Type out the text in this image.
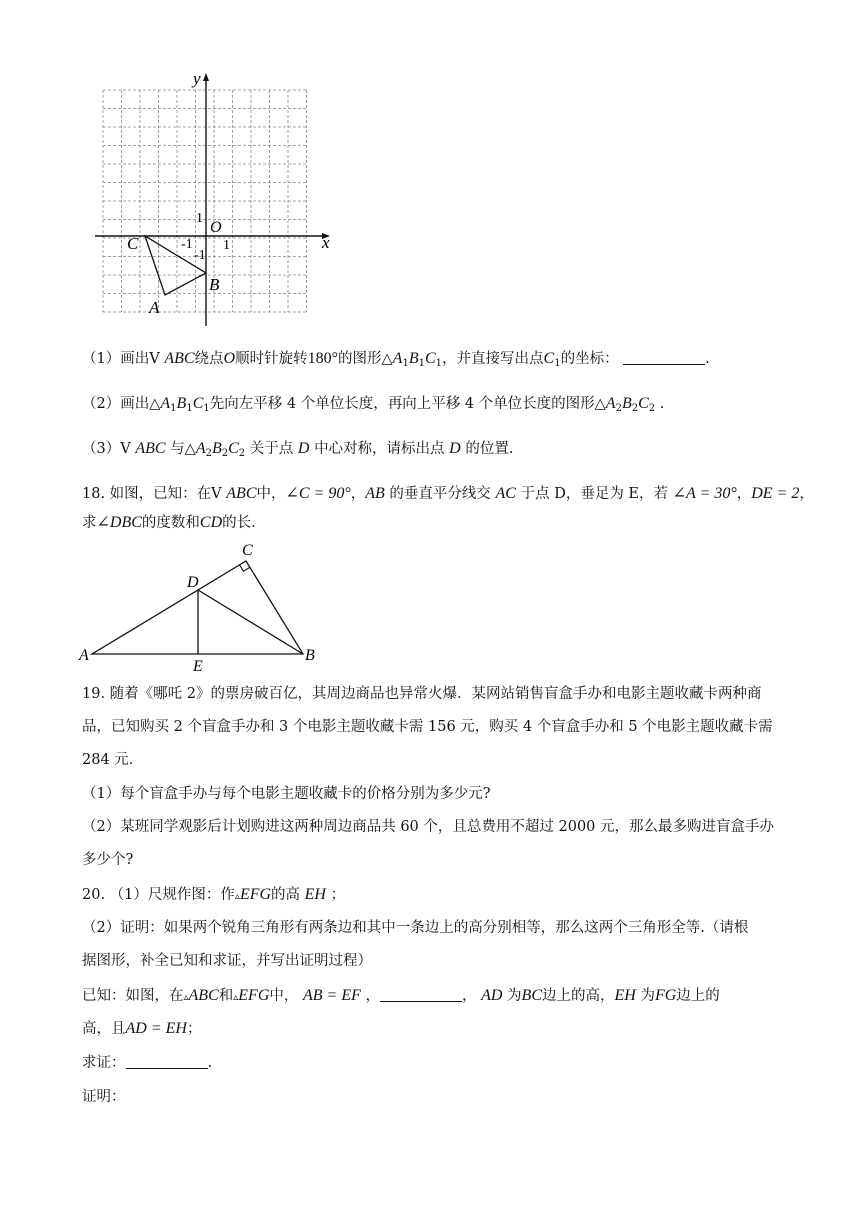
y
x
O
1
1
-1
-1
C
B
A
（1）画出V ABC绕点O顺时针旋转180°的图形$\triangle A_1B_1C_1$，并直接写出点$C_1$的坐标：	.
（2）画出$\triangle A_1B_1C_1$先向左平移 4 个单位长度，再向上平移 4 个单位长度的图形$\triangle A_2B_2C_2$ .
（3）V ABC 与$\triangle A_2B_2C_2$ 关于点 D 中心对称，请标出点 D 的位置.
18. 如图，已知：在V ABC中，∠C = 90°，AB 的垂直平分线交 AC 于点 D，垂足为 E，若 ∠A = 30°，DE = 2，
求∠DBC的度数和CD的长.
A	B
C
D
E
19. 随着《哪吒 2》的票房破百亿，其周边商品也异常火爆．某网站销售盲盒手办和电影主题收藏卡两种商
品，已知购买 2 个盲盒手办和 3 个电影主题收藏卡需 156 元，购买 4 个盲盒手办和 5 个电影主题收藏卡需
284 元．
（1）每个盲盒手办与每个电影主题收藏卡的价格分别为多少元?
（2）某班同学观影后计划购进这两种周边商品共 60 个，且总费用不超过 2000 元，那么最多购进盲盒手办
多少个?
20. （1）尺规作图：作▵EFG的高 EH ；
（2）证明：如果两个锐角三角形有两条边和其中一条边上的高分别相等，那么这两个三角形全等.（请根
据图形，补全已知和求证，并写出证明过程）
已知：如图，在▵ABC和▵EFG中， AB = EF ，	， AD 为BC边上的高，EH 为FG边上的
高，且AD = EH；
求证：	.
证明：
